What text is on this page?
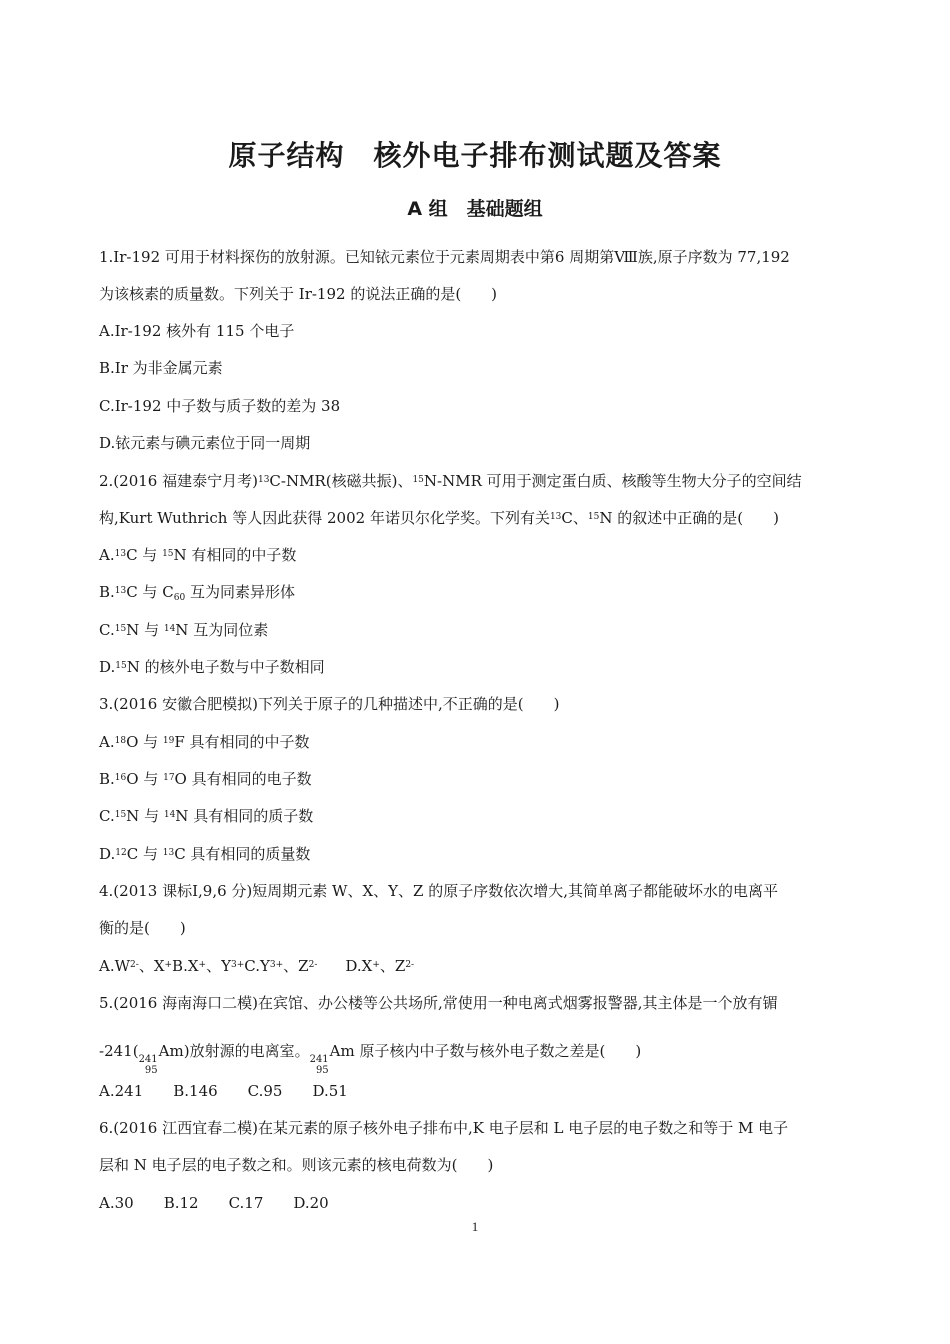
原子结构　核外电子排布测试题及答案
A 组　基础题组
1.Ir-192 可用于材料探伤的放射源。已知铱元素位于元素周期表中第6 周期第Ⅷ族,原子序数为 77,192
为该核素的质量数。下列关于 Ir-192 的说法正确的是(　　)
A.Ir-192 核外有 115 个电子
B.Ir 为非金属元素
C.Ir-192 中子数与质子数的差为 38
D.铱元素与碘元素位于同一周期
2.(2016 福建泰宁月考)$^{13}$C-NMR(核磁共振)、$^{15}$N-NMR 可用于测定蛋白质、核酸等生物大分子的空间结
构,Kurt Wuthrich 等人因此获得 2002 年诺贝尔化学奖。下列有关$^{13}$C、$^{15}$N 的叙述中正确的是(　　)
A.$^{13}$C 与 $^{15}$N 有相同的中子数
B.$^{13}$C 与 $C_{60}$ 互为同素异形体
C.$^{15}$N 与 $^{14}$N 互为同位素
D.$^{15}$N 的核外电子数与中子数相同
3.(2016 安徽合肥模拟)下列关于原子的几种描述中,不正确的是(　　)
A.$^{18}$O 与 $^{19}$F 具有相同的中子数
B.$^{16}$O 与 $^{17}$O 具有相同的电子数
C.$^{15}$N 与 $^{14}$N 具有相同的质子数
D.$^{12}$C 与 $^{13}$C 具有相同的质量数
4.(2013 课标Ⅰ,9,6 分)短周期元素 W、X、Y、Z 的原子序数依次增大,其简单离子都能破坏水的电离平
衡的是(　　)
$A.W^{2-}$、X+B.X+、$Y^{3+}C.Y^{3+}$、$Z^{2-}$ D.X+、$Z^{2-}$
5.(2016 海南海口二模)在宾馆、办公楼等公共场所,常使用一种电离式烟雾报警器,其主体是一个放有镅
-241( 241
95
Am)放射源的电离室。 241
95
Am 原子核内中子数与核外电子数之差是(　　)
A.241　　B.146　　C.95　　D.51
6.(2016 江西宜春二模)在某元素的原子核外电子排布中,K 电子层和 L 电子层的电子数之和等于 M 电子
层和 N 电子层的电子数之和。则该元素的核电荷数为(　　)
A.30　　B.12　　C.17　　D.20
1
